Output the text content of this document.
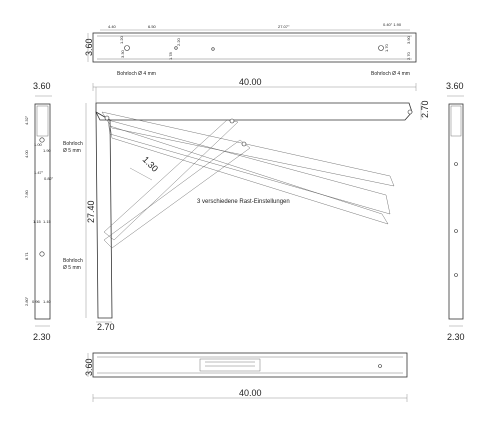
4.40	6.50	27.07"	0.40" 1.90
1.20
1.78
3.30
2.20
1.70
3.90
2.70
Bohrloch Ø 4 mm	Bohrloch Ø 4 mm
3.60
40.00
3.60
4.32"
4.00
7.80
8.71
2.80"
1.00
1.90
1.47"
0.82"
1.15 1.15
0.96 1.40
Bohrloch Ø 5 mm
Bohrloch Ø 5 mm
2.30
1.30
3 verschiedene Rast-Einstellungen
27.40
2.70
2.70
3.60
2.30
3.60
40.00
